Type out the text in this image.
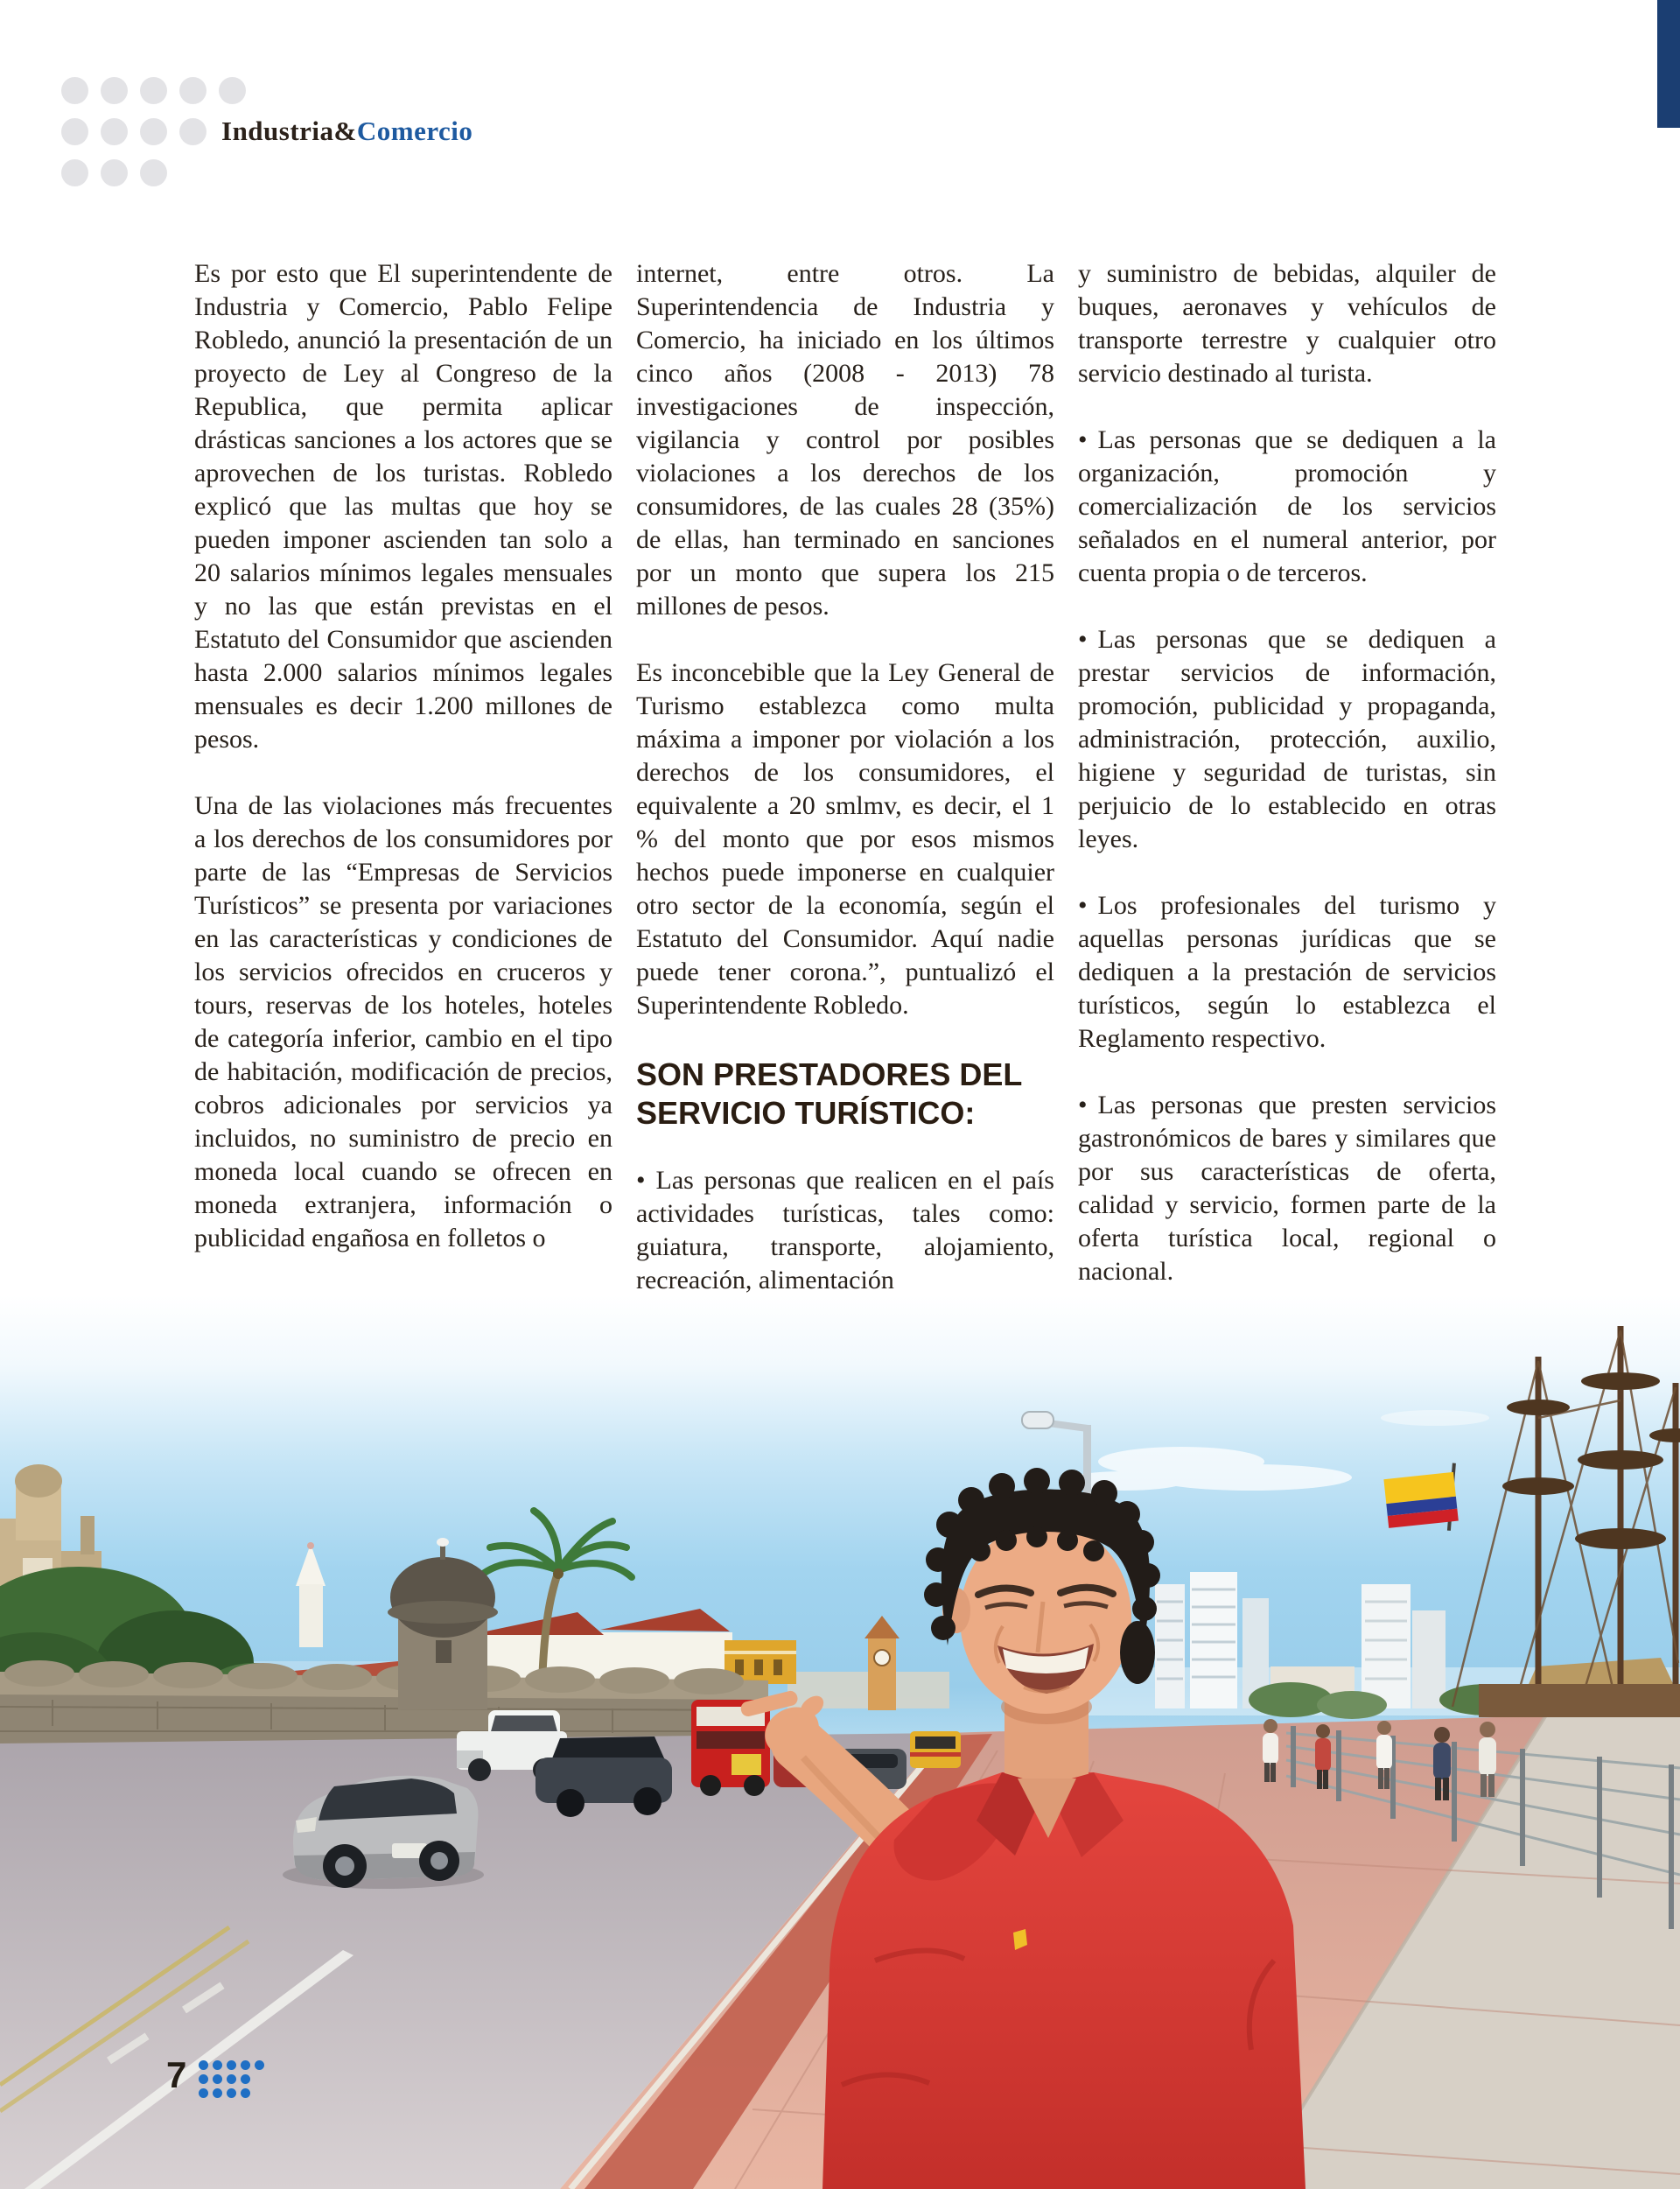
Industria&Comercio

Es por esto que El superintendente de Industria y Comercio, Pablo Felipe Robledo, anunció la presentación de un proyecto de Ley al Congreso de la Republica, que permita aplicar drásticas sanciones a los actores que se aprovechen de los turistas. Robledo explicó que las multas que hoy se pueden imponer ascienden tan solo a 20 salarios mínimos legales mensuales y no las que están previstas en el Estatuto del Consumidor que ascienden hasta 2.000 salarios mínimos legales mensuales es decir 1.200 millones de pesos.

Una de las violaciones más frecuentes a los derechos de los consumidores por parte de las “Empresas de Servicios Turísticos” se presenta por variaciones en las características y condiciones de los servicios ofrecidos en cruceros y tours, reservas de los hoteles, hoteles de categoría inferior, cambio en el tipo de habitación, modificación de precios, cobros adicionales por servicios ya incluidos, no suministro de precio en moneda local cuando se ofrecen en moneda extranjera, información o publicidad engañosa en folletos o

internet, entre otros. La Superintendencia de Industria y Comercio, ha iniciado en los últimos cinco años (2008 - 2013) 78 investigaciones de inspección, vigilancia y control por posibles violaciones a los derechos de los consumidores, de las cuales 28 (35%) de ellas, han terminado en sanciones por un monto que supera los 215 millones de pesos.

Es inconcebible que la Ley General de Turismo establezca como multa máxima a imponer por violación a los derechos de los consumidores, el equivalente a 20 smlmv, es decir, el 1 % del monto que por esos mismos hechos puede imponerse en cualquier otro sector de la economía, según el Estatuto del Consumidor. Aquí nadie puede tener corona.”, puntualizó el Superintendente Robledo.

SON PRESTADORES DEL SERVICIO TURÍSTICO:

• Las personas que realicen en el país actividades turísticas, tales como: guiatura, transporte, alojamiento, recreación, alimentación

y suministro de bebidas, alquiler de buques, aeronaves y vehículos de transporte terrestre y cualquier otro servicio destinado al turista.

• Las personas que se dediquen a la organización, promoción y comercialización de los servicios señalados en el numeral anterior, por cuenta propia o de terceros.

• Las personas que se dediquen a prestar servicios de información, promoción, publicidad y propaganda, administración, protección, auxilio, higiene y seguridad de turistas, sin perjuicio de lo establecido en otras leyes.

• Los profesionales del turismo y aquellas personas jurídicas que se dediquen a la prestación de servicios turísticos, según lo establezca el Reglamento respectivo.

• Las personas que presten servicios gastronómicos de bares y similares que por sus características de oferta, calidad y servicio, formen parte de la oferta turística local, regional o nacional.

7
